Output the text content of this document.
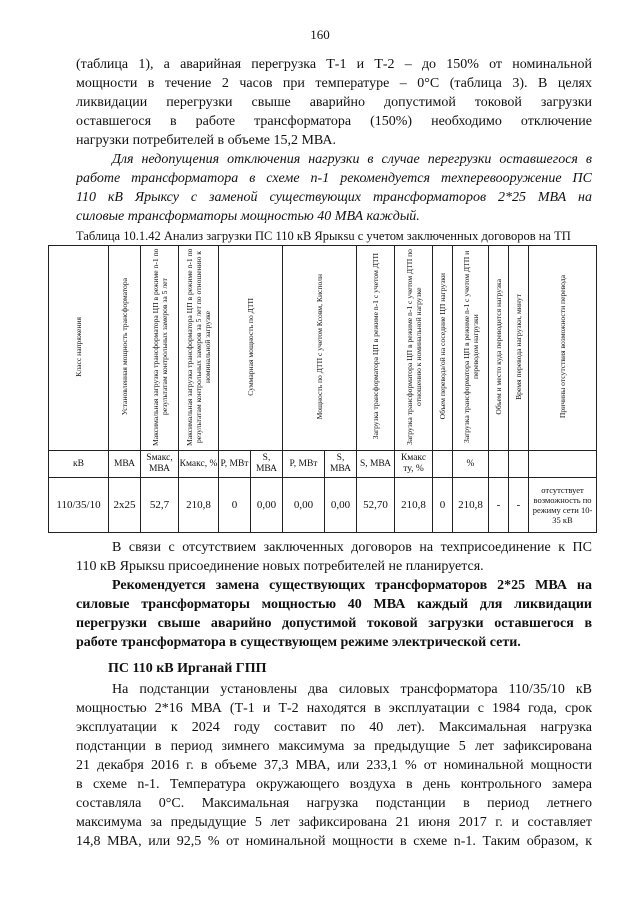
160
(таблица 1), а аварийная перегрузка Т-1 и Т-2 – до 150% от номинальной
мощности в течение 2 часов при температуре – 0°С (таблица 3). В целях
ликвидации перегрузки свыше аварийно допустимой токовой загрузки
оставшегося в работе трансформатора (150%) необходимо отключение
нагрузки потребителей в объеме 15,2 МВА.
Для недопущения отключения нагрузки в случае перегрузки оставшегося в
работе трансформатора в схеме n-1 рекомендуется техперевооружение ПС
110 кВ Ярыксу с заменой существующих трансформаторов 2*25 МВА на
силовые трансформаторы мощностью 40 МВА каждый.
Таблица 10.1.42 Анализ загрузки ПС 110 кВ Ярыкsu с учетом заключенных договоров на ТП
Класс напряжения	Установленная мощность трансформатора	Максимальная загрузка трансформатора ЦП в режиме n-1 по результатам контрольных замеров за 5 лет	Максимальная загрузка трансформатора ЦП в режиме n-1 по результатам контрольных замеров за 5 лет по отношению к номинальной загрузке	Суммарная мощность по ДТП		Мощность по ДТП с учетом Ксовм, Кисполн		Загрузка трансформатора ЦП в режиме n-1 с учетом ДТП	Загрузка трансформатора ЦП в режиме n-1 с учетом ДТП по отношению к номинальной нагрузке	Объем перевода/ой на соседние ЦП нагрузки	Загрузка трансформатора ЦП в режиме n-1 с учетом ДТП и переводом нагрузки	Объем и место куда переводится нагрузка	Время перевода нагрузки, минут	Причины отсутствия возможности перевода
кВ	МВА	Sмакс, МВА	Кмакс, %	P, МВт	S, МВА	P, МВт	S, МВА	S, МВА	Кмакс ту, %		%			
110/35/10	2x25	52,7	210,8	0	0,00	0,00	0,00	52,70	210,8	0	210,8	-	-	отсутствует возможность по режиму сети 10-35 кВ
В связи с отсутствием заключенных договоров на техприсоединение к ПС
110 кВ Ярыкsu присоединение новых потребителей не планируется.
Рекомендуется замена существующих трансформаторов 2*25 МВА на
силовые трансформаторы мощностью 40 МВА каждый для ликвидации
перегрузки свыше аварийно допустимой токовой загрузки оставшегося в
работе трансформатора в существующем режиме электрической сети.
ПС 110 кВ Ирганай ГПП
На подстанции установлены два силовых трансформатора 110/35/10 кВ
мощностью 2*16 МВА (Т-1 и Т-2 находятся в эксплуатации с 1984 года, срок
эксплуатации к 2024 году составит по 40 лет). Максимальная нагрузка
подстанции в период зимнего максимума за предыдущие 5 лет зафиксирована
21 декабря 2016 г. в объеме 37,3 МВА, или 233,1 % от номинальной мощности
в схеме n-1. Температура окружающего воздуха в день контрольного замера
составляла 0°С. Максимальная нагрузка подстанции в период летнего
максимума за предыдущие 5 лет зафиксирована 21 июня 2017 г. и составляет
14,8 МВА, или 92,5 % от номинальной мощности в схеме n-1. Таким образом, к
